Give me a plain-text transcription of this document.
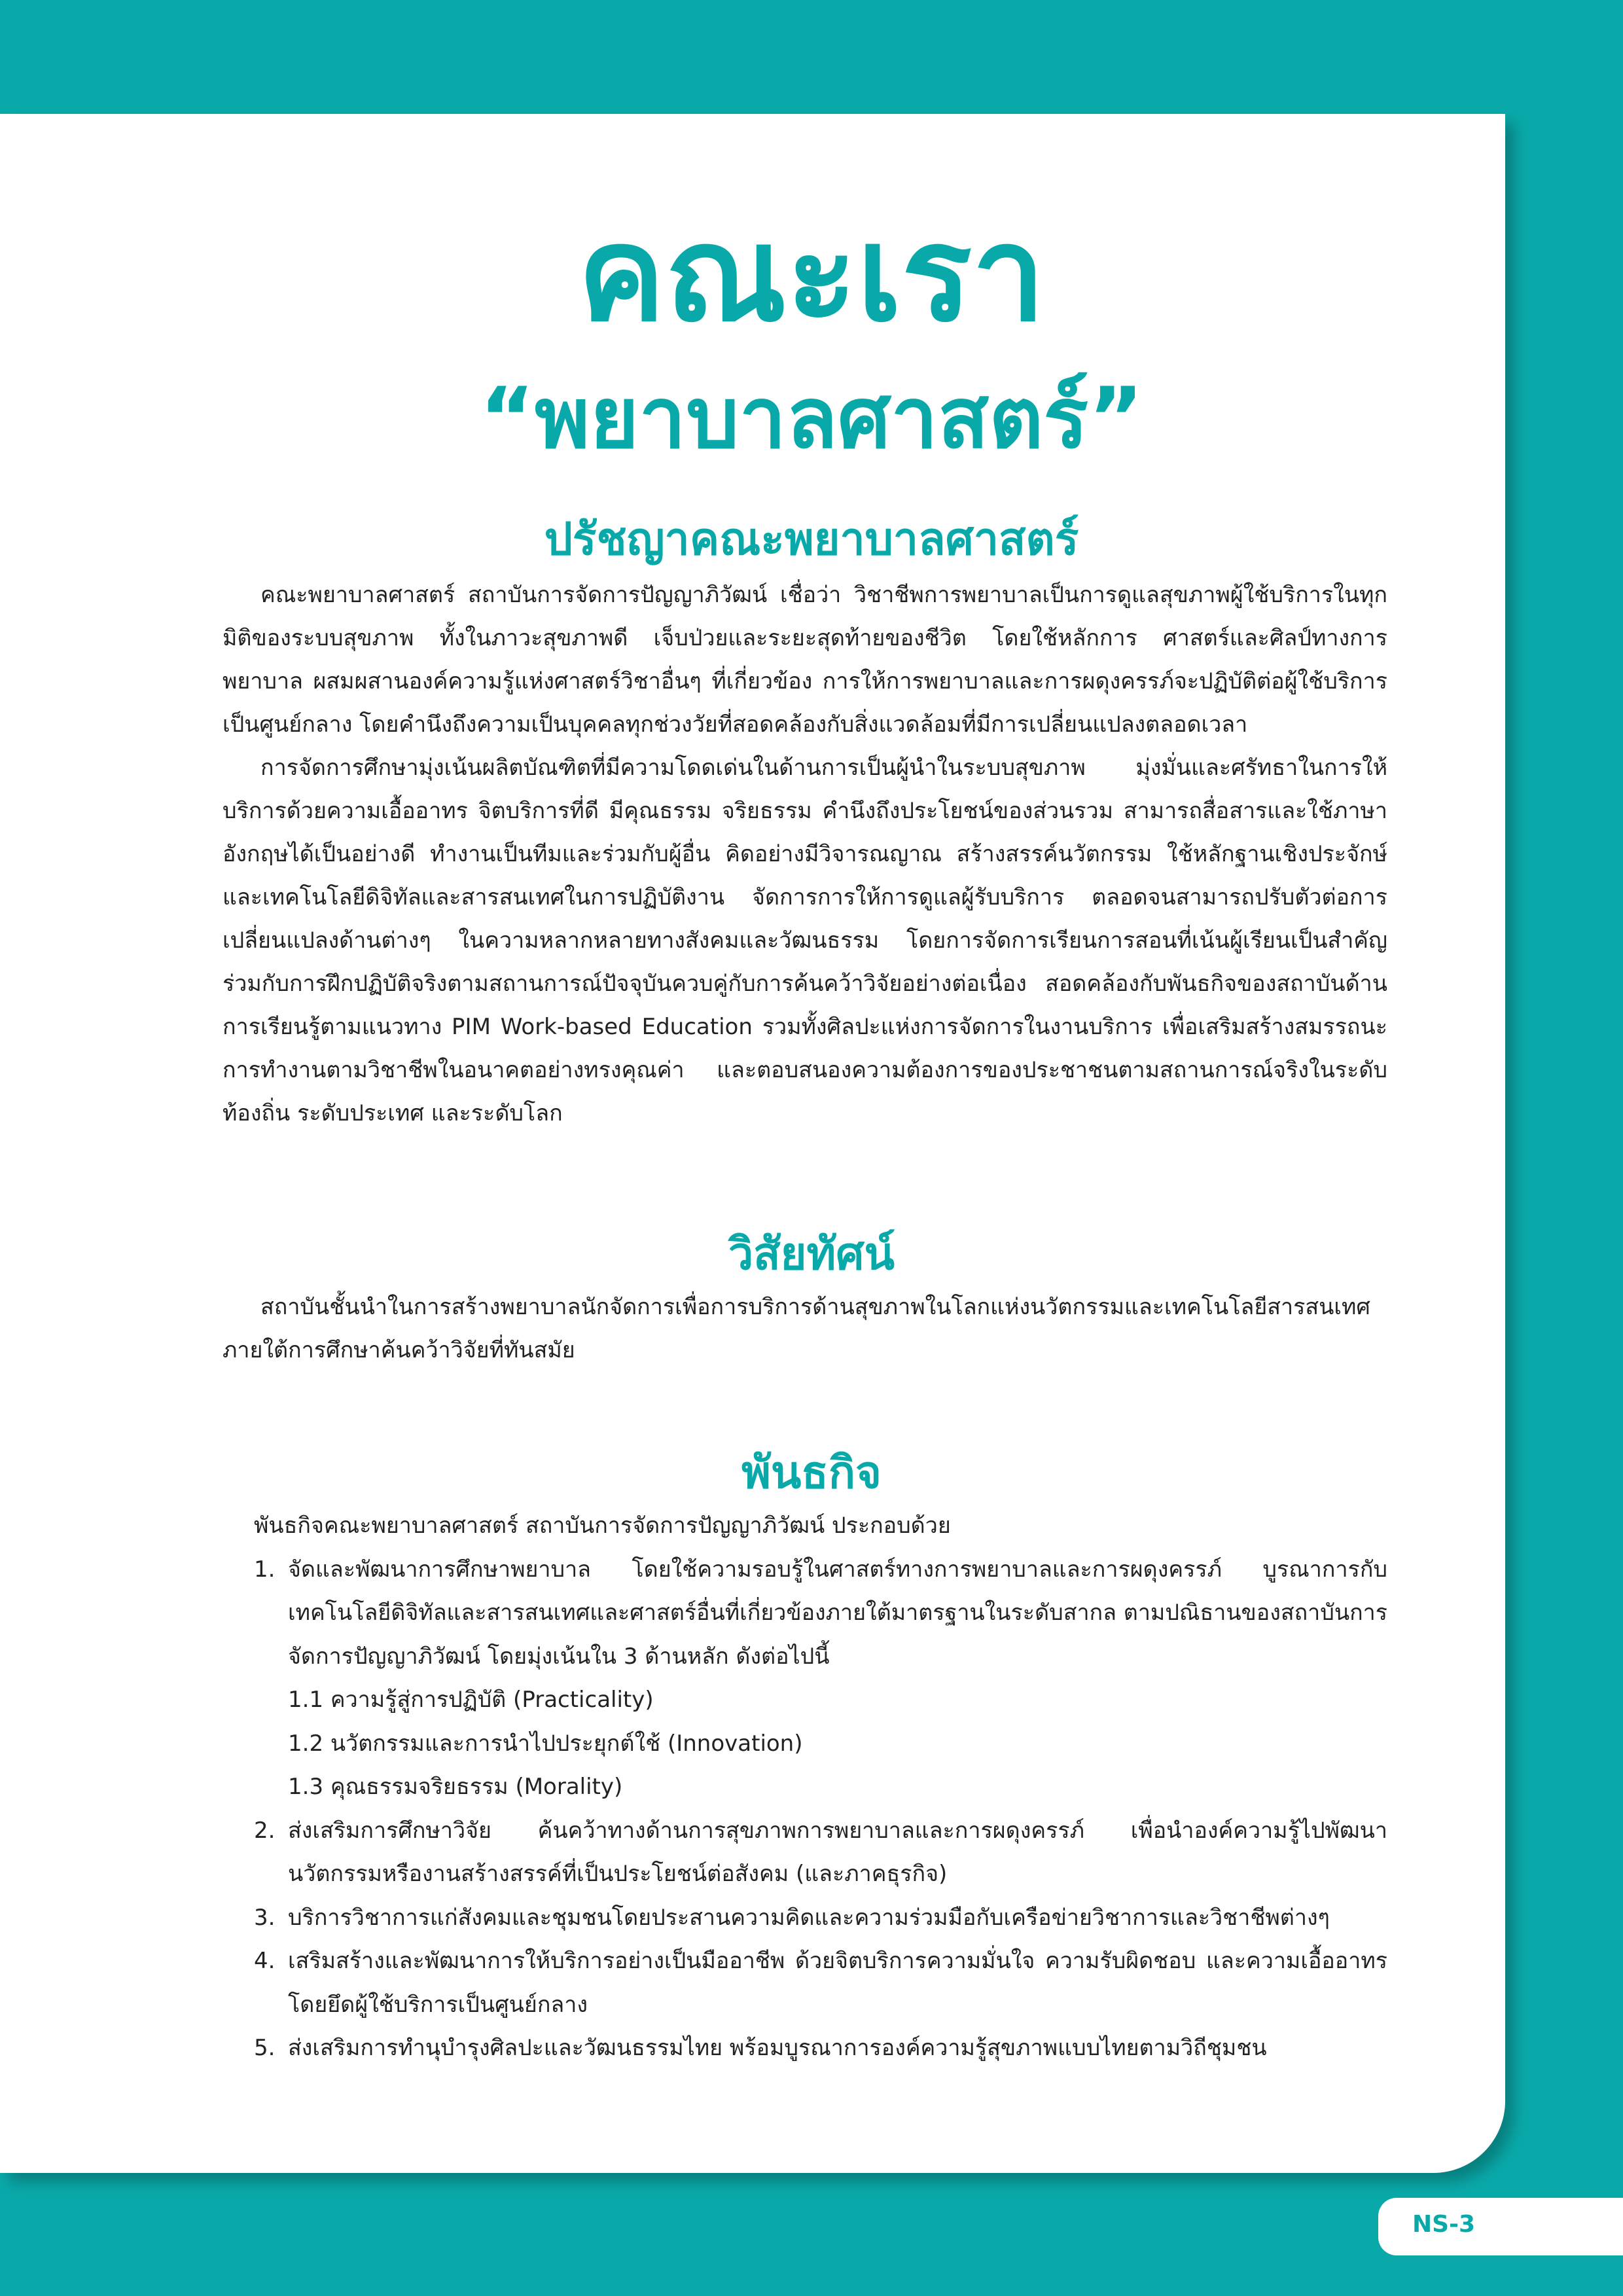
คณะเรา
“พยาบาลศาสตร์”
ปรัชญาคณะพยาบาลศาสตร์

คณะพยาบาลศาสตร์ สถาบันการจัดการปัญญาภิวัฒน์ เชื่อว่า วิชาชีพการพยาบาลเป็นการดูแลสุขภาพผู้ใช้บริการในทุกมิติของระบบสุขภาพ ทั้งในภาวะสุขภาพดี เจ็บป่วยและระยะสุดท้ายของชีวิต โดยใช้หลักการ ศาสตร์และศิลป์ทางการพยาบาล ผสมผสานองค์ความรู้แห่งศาสตร์วิชาอื่นๆ ที่เกี่ยวข้อง การให้การพยาบาลและการผดุงครรภ์จะปฏิบัติต่อผู้ใช้บริการเป็นศูนย์กลาง โดยคำนึงถึงความเป็นบุคคลทุกช่วงวัยที่สอดคล้องกับสิ่งแวดล้อมที่มีการเปลี่ยนแปลงตลอดเวลา

การจัดการศึกษามุ่งเน้นผลิตบัณฑิตที่มีความโดดเด่นในด้านการเป็นผู้นำในระบบสุขภาพ มุ่งมั่นและศรัทธาในการให้บริการด้วยความเอื้ออาทร จิตบริการที่ดี มีคุณธรรม จริยธรรม คำนึงถึงประโยชน์ของส่วนรวม สามารถสื่อสารและใช้ภาษาอังกฤษได้เป็นอย่างดี ทำงานเป็นทีมและร่วมกับผู้อื่น คิดอย่างมีวิจารณญาณ สร้างสรรค์นวัตกรรม ใช้หลักฐานเชิงประจักษ์และเทคโนโลยีดิจิทัลและสารสนเทศในการปฏิบัติงาน จัดการการให้การดูแลผู้รับบริการ ตลอดจนสามารถปรับตัวต่อการเปลี่ยนแปลงด้านต่างๆ ในความหลากหลายทางสังคมและวัฒนธรรม โดยการจัดการเรียนการสอนที่เน้นผู้เรียนเป็นสำคัญ ร่วมกับการฝึกปฏิบัติจริงตามสถานการณ์ปัจจุบันควบคู่กับการค้นคว้าวิจัยอย่างต่อเนื่อง สอดคล้องกับพันธกิจของสถาบันด้านการเรียนรู้ตามแนวทาง PIM Work-based Education รวมทั้งศิลปะแห่งการจัดการในงานบริการ เพื่อเสริมสร้างสมรรถนะการทำงานตามวิชาชีพในอนาคตอย่างทรงคุณค่า และตอบสนองความต้องการของประชาชนตามสถานการณ์จริงในระดับท้องถิ่น ระดับประเทศ และระดับโลก

วิสัยทัศน์

สถาบันชั้นนำในการสร้างพยาบาลนักจัดการเพื่อการบริการด้านสุขภาพในโลกแห่งนวัตกรรมและเทคโนโลยีสารสนเทศภายใต้การศึกษาค้นคว้าวิจัยที่ทันสมัย

พันธกิจ

พันธกิจคณะพยาบาลศาสตร์ สถาบันการจัดการปัญญาภิวัฒน์ ประกอบด้วย

1. จัดและพัฒนาการศึกษาพยาบาล โดยใช้ความรอบรู้ในศาสตร์ทางการพยาบาลและการผดุงครรภ์ บูรณาการกับเทคโนโลยีดิจิทัลและสารสนเทศและศาสตร์อื่นที่เกี่ยวข้องภายใต้มาตรฐานในระดับสากล ตามปณิธานของสถาบันการจัดการปัญญาภิวัฒน์ โดยมุ่งเน้นใน 3 ด้านหลัก ดังต่อไปนี้
1.1 ความรู้สู่การปฏิบัติ (Practicality)
1.2 นวัตกรรมและการนำไปประยุกต์ใช้ (Innovation)
1.3 คุณธรรมจริยธรรม (Morality)
2. ส่งเสริมการศึกษาวิจัย ค้นคว้าทางด้านการสุขภาพการพยาบาลและการผดุงครรภ์ เพื่อนำองค์ความรู้ไปพัฒนานวัตกรรมหรืองานสร้างสรรค์ที่เป็นประโยชน์ต่อสังคม (และภาคธุรกิจ)
3. บริการวิชาการแก่สังคมและชุมชนโดยประสานความคิดและความร่วมมือกับเครือข่ายวิชาการและวิชาชีพต่างๆ
4. เสริมสร้างและพัฒนาการให้บริการอย่างเป็นมืออาชีพ ด้วยจิตบริการความมั่นใจ ความรับผิดชอบ และความเอื้ออาทร โดยยึดผู้ใช้บริการเป็นศูนย์กลาง
5. ส่งเสริมการทำนุบำรุงศิลปะและวัฒนธรรมไทย พร้อมบูรณาการองค์ความรู้สุขภาพแบบไทยตามวิถีชุมชน
NS-3
